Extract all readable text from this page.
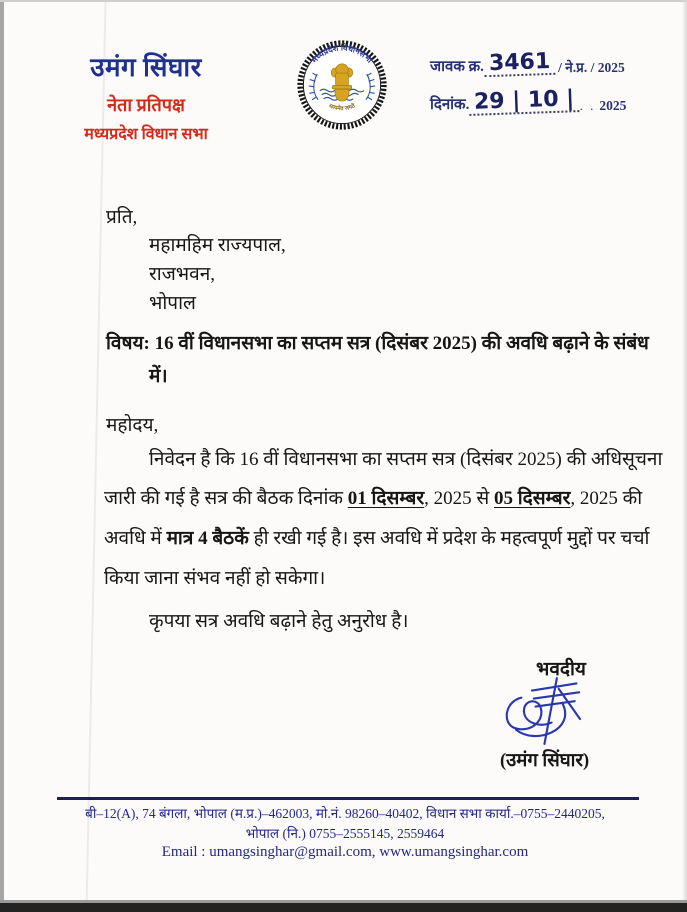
उमंग सिंघार
नेता प्रतिपक्ष
मध्यप्रदेश विधान सभा
मध्यप्रदेश विधानसभा
सत्यमेव जयते
जावक क्र. 3461 / ने.प्र. / 2025
दिनांक. 29 | 10 | . . 2025
प्रति,
महामहिम राज्यपाल,
राजभवन,
भोपाल
विषय: 16 वीं विधानसभा का सप्तम सत्र (दिसंबर 2025) की अवधि बढ़ाने के संबंध
में।
महोदय,
निवेदन है कि 16 वीं विधानसभा का सप्तम सत्र (दिसंबर 2025) की अधिसूचना
जारी की गई है सत्र की बैठक दिनांक 01 दिसम्बर, 2025 से 05 दिसम्बर, 2025 की
अवधि में मात्र 4 बैठकें ही रखी गई है। इस अवधि में प्रदेश के महत्वपूर्ण मुद्दों पर चर्चा
किया जाना संभव नहीं हो सकेगा।
कृपया सत्र अवधि बढ़ाने हेतु अनुरोध है।
भवदीय
(उमंग सिंघार)
बी–12(A), 74 बंगला, भोपाल (म.प्र.)–462003, मो.नं. 98260–40402, विधान सभा कार्या.–0755–2440205,
भोपाल (नि.) 0755–2555145, 2559464
Email : umangsinghar@gmail.com, www.umangsinghar.com
